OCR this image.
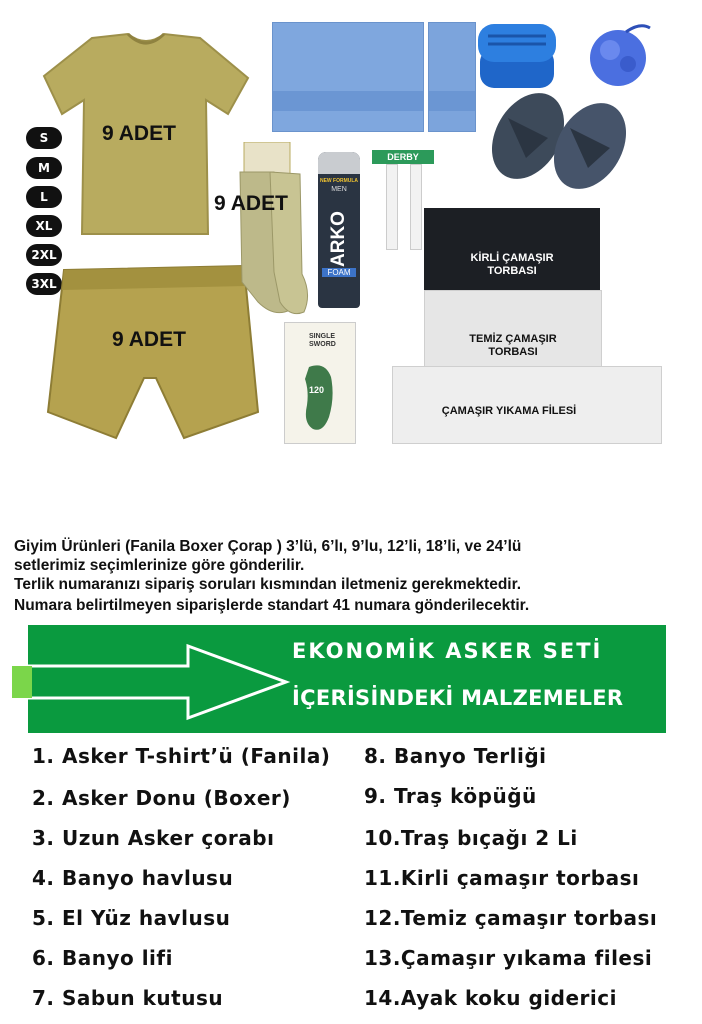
S
M
L
XL
2XL
3XL
9 ADET
9 ADET
9 ADET
NEW FORMULA
MEN
ARKO
FOAM
DERBY
SINGLE
SWORD
120
KİRLİ ÇAMAŞIR TORBASI
TEMİZ ÇAMAŞIR TORBASI
ÇAMAŞIR YIKAMA FİLESİ
Giyim Ürünleri (Fanila Boxer Çorap ) 3’lü, 6’lı, 9’lu, 12’li, 18’li, ve 24’lü
setlerimiz seçimlerinize göre gönderilir.
Terlik numaranızı sipariş soruları kısmından iletmeniz gerekmektedir.
Numara belirtilmeyen siparişlerde standart 41 numara gönderilecektir.
EKONOMİK ASKER SETİ
İÇERİSİNDEKİ MALZEMELER
1. Asker T-shirt’ü (Fanila)
2. Asker Donu (Boxer)
3. Uzun Asker çorabı
4. Banyo havlusu
5. El Yüz havlusu
6. Banyo lifi
7. Sabun kutusu
8. Banyo Terliği
9. Traş köpüğü
10.Traş bıçağı 2 Li
11.Kirli çamaşır torbası
12.Temiz çamaşır torbası
13.Çamaşır yıkama filesi
14.Ayak koku giderici
